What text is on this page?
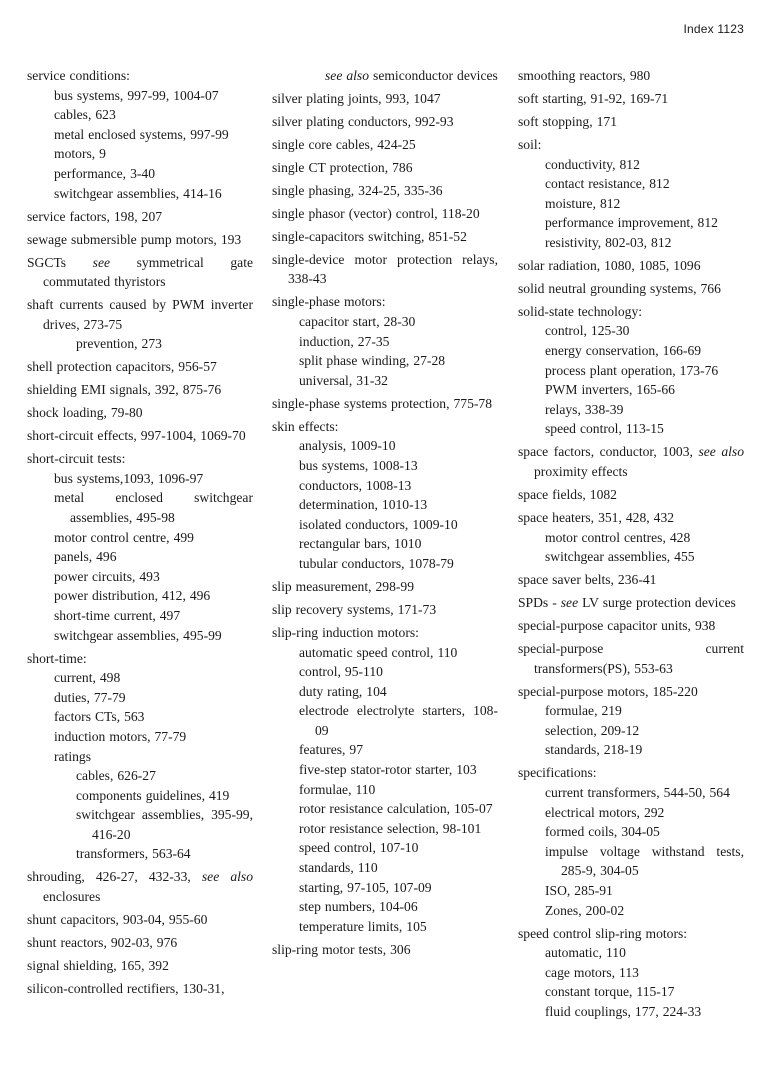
Index 1123
service conditions:
bus systems, 997-99, 1004-07
cables, 623
metal enclosed systems, 997-99
motors, 9
performance, 3-40
switchgear assemblies, 414-16
service factors, 198, 207
sewage submersible pump motors, 193
SGCTs see symmetrical gate commutated thyristors
shaft currents caused by PWM inverter drives, 273-75
prevention, 273
shell protection capacitors, 956-57
shielding EMI signals, 392, 875-76
shock loading, 79-80
short-circuit effects, 997-1004, 1069-70
short-circuit tests:
bus systems,1093, 1096-97
metal enclosed switchgear assemblies, 495-98
motor control centre, 499
panels, 496
power circuits, 493
power distribution, 412, 496
short-time current, 497
switchgear assemblies, 495-99
short-time:
current, 498
duties, 77-79
factors CTs, 563
induction motors, 77-79
ratings
cables, 626-27
components guidelines, 419
switchgear assemblies, 395-99, 416-20
transformers, 563-64
shrouding, 426-27, 432-33, see also enclosures
shunt capacitors, 903-04, 955-60
shunt reactors, 902-03, 976
signal shielding, 165, 392
silicon-controlled rectifiers, 130-31,
see also semiconductor devices
silver plating joints, 993, 1047
silver plating conductors, 992-93
single core cables, 424-25
single CT protection, 786
single phasing, 324-25, 335-36
single phasor (vector) control, 118-20
single-capacitors switching, 851-52
single-device motor protection relays, 338-43
single-phase motors:
capacitor start, 28-30
induction, 27-35
split phase winding, 27-28
universal, 31-32
single-phase systems protection, 775-78
skin effects:
analysis, 1009-10
bus systems, 1008-13
conductors, 1008-13
determination, 1010-13
isolated conductors, 1009-10
rectangular bars, 1010
tubular conductors, 1078-79
slip measurement, 298-99
slip recovery systems, 171-73
slip-ring induction motors:
automatic speed control, 110
control, 95-110
duty rating, 104
electrode electrolyte starters, 108-09
features, 97
five-step stator-rotor starter, 103
formulae, 110
rotor resistance calculation, 105-07
rotor resistance selection, 98-101
speed control, 107-10
standards, 110
starting, 97-105, 107-09
step numbers, 104-06
temperature limits, 105
slip-ring motor tests, 306
smoothing reactors, 980
soft starting, 91-92, 169-71
soft stopping, 171
soil:
conductivity, 812
contact resistance, 812
moisture, 812
performance improvement, 812
resistivity, 802-03, 812
solar radiation, 1080, 1085, 1096
solid neutral grounding systems, 766
solid-state technology:
control, 125-30
energy conservation, 166-69
process plant operation, 173-76
PWM inverters, 165-66
relays, 338-39
speed control, 113-15
space factors, conductor, 1003, see also proximity effects
space fields, 1082
space heaters, 351, 428, 432
motor control centres, 428
switchgear assemblies, 455
space saver belts, 236-41
SPDs - see LV surge protection devices
special-purpose capacitor units, 938
special-purpose current transformers(PS), 553-63
special-purpose motors, 185-220
formulae, 219
selection, 209-12
standards, 218-19
specifications:
current transformers, 544-50, 564
electrical motors, 292
formed coils, 304-05
impulse voltage withstand tests, 285-9, 304-05
ISO, 285-91
Zones, 200-02
speed control slip-ring motors:
automatic, 110
cage motors, 113
constant torque, 115-17
fluid couplings, 177, 224-33
